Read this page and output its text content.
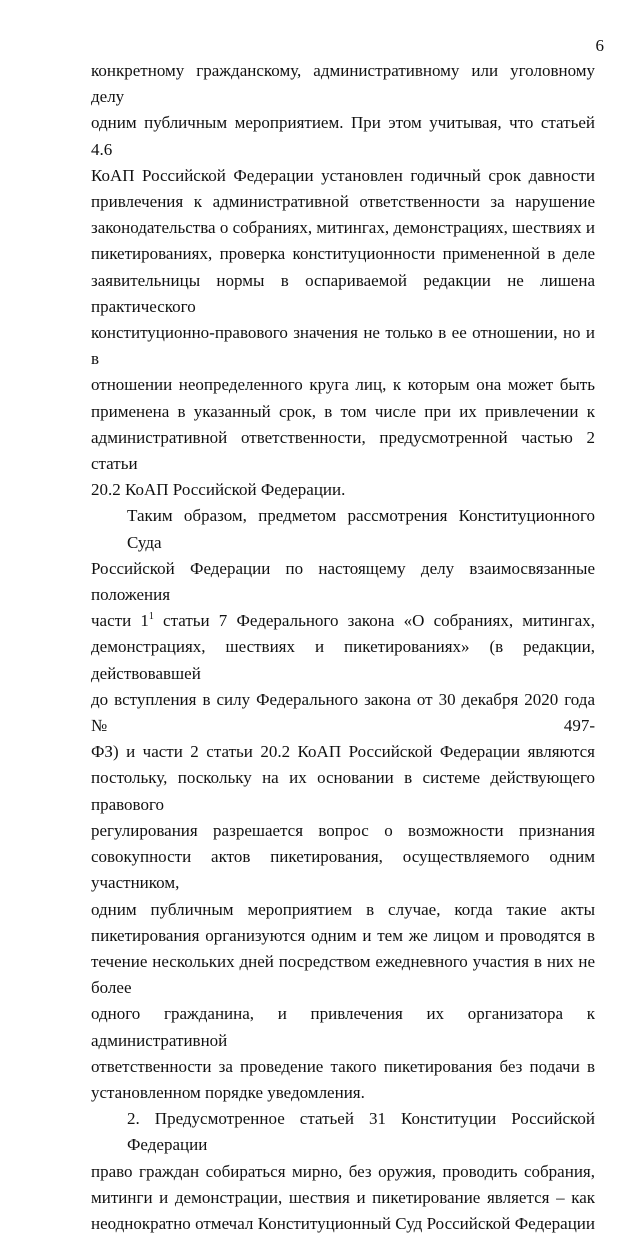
6

конкретному гражданскому, административному или уголовному делу
одним публичным мероприятием. При этом учитывая, что статьей 4.6
КоАП Российской Федерации установлен годичный срок давности
привлечения к административной ответственности за нарушение
законодательства о собраниях, митингах, демонстрациях, шествиях и
пикетированиях, проверка конституционности примененной в деле
заявительницы нормы в оспариваемой редакции не лишена практического
конституционно-правового значения не только в ее отношении, но и в
отношении неопределенного круга лиц, к которым она может быть
применена в указанный срок, в том числе при их привлечении к
административной ответственности, предусмотренной частью 2 статьи
20.2 КоАП Российской Федерации.

Таким образом, предметом рассмотрения Конституционного Суда
Российской Федерации по настоящему делу взаимосвязанные положения
части $1^1$ статьи 7 Федерального закона «О собраниях, митингах,
демонстрациях, шествиях и пикетированиях» (в редакции, действовавшей
до вступления в силу Федерального закона от 30 декабря 2020 года № 497-
ФЗ) и части 2 статьи 20.2 КоАП Российской Федерации являются
постольку, поскольку на их основании в системе действующего правового
регулирования разрешается вопрос о возможности признания
совокупности актов пикетирования, осуществляемого одним участником,
одним публичным мероприятием в случае, когда такие акты
пикетирования организуются одним и тем же лицом и проводятся в
течение нескольких дней посредством ежедневного участия в них не более
одного гражданина, и привлечения их организатора к административной
ответственности за проведение такого пикетирования без подачи в
установленном порядке уведомления.

2. Предусмотренное статьей 31 Конституции Российской Федерации
право граждан собираться мирно, без оружия, проводить собрания,
митинги и демонстрации, шествия и пикетирование является – как
неоднократно отмечал Конституционный Суд Российской Федерации
